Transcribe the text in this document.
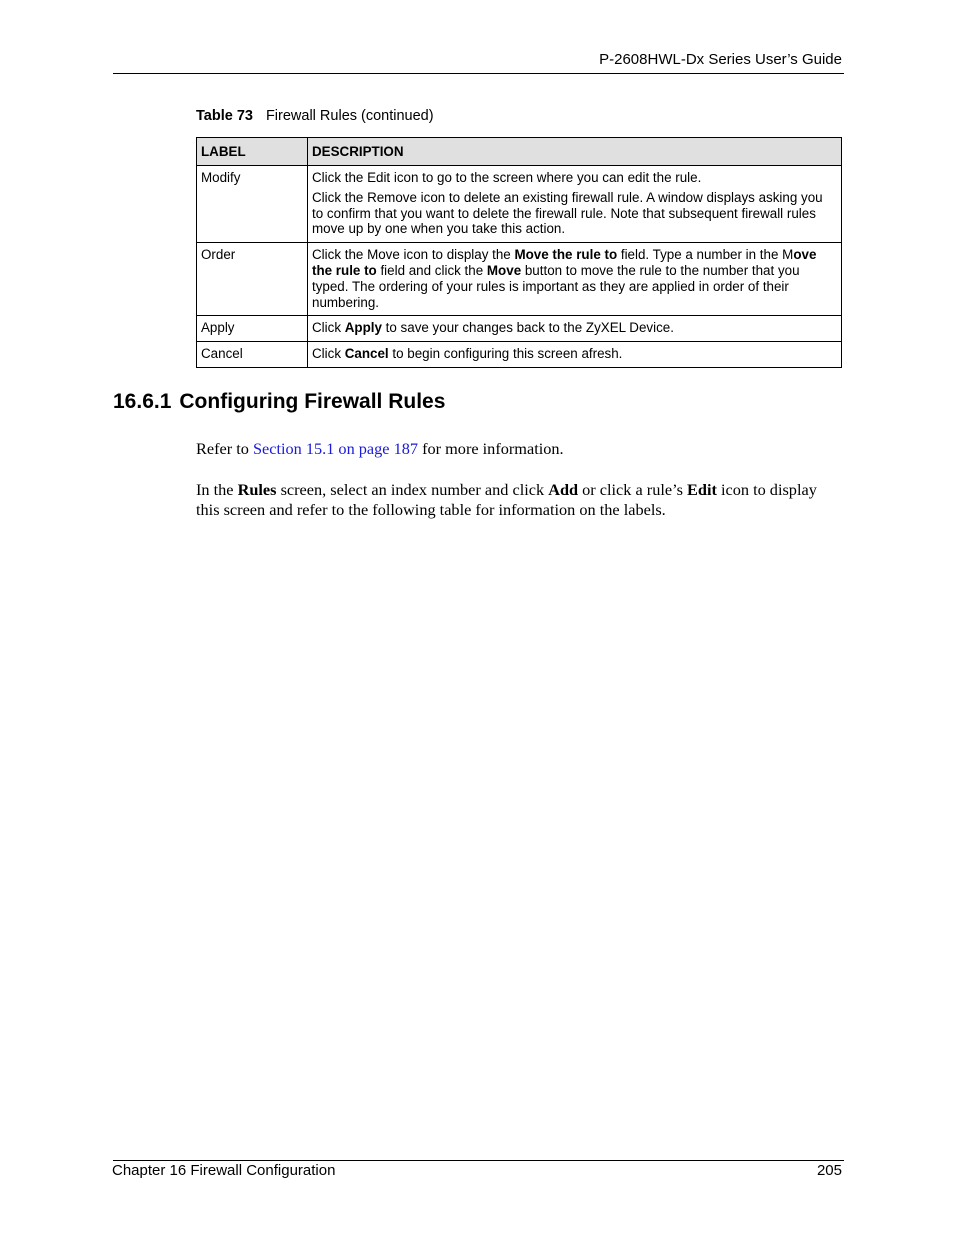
P-2608HWL-Dx Series User’s Guide
Table 73 Firewall Rules (continued)
LABEL	DESCRIPTION
Modify	Click the Edit icon to go to the screen where you can edit the rule.

Click the Remove icon to delete an existing firewall rule. A window displays asking you to confirm that you want to delete the firewall rule. Note that subsequent firewall rules move up by one when you take this action.

Order	Click the Move icon to display the Move the rule to field. Type a number in the Move the rule to field and click the Move button to move the rule to the number that you typed. The ordering of your rules is important as they are applied in order of their numbering.
Apply	Click Apply to save your changes back to the ZyXEL Device.
Cancel	Click Cancel to begin configuring this screen afresh.
16.6.1 Configuring Firewall Rules
Refer to Section 15.1 on page 187 for more information.
In the Rules screen, select an index number and click Add or click a rule’s Edit icon to display this screen and refer to the following table for information on the labels.
Chapter 16 Firewall Configuration	205
